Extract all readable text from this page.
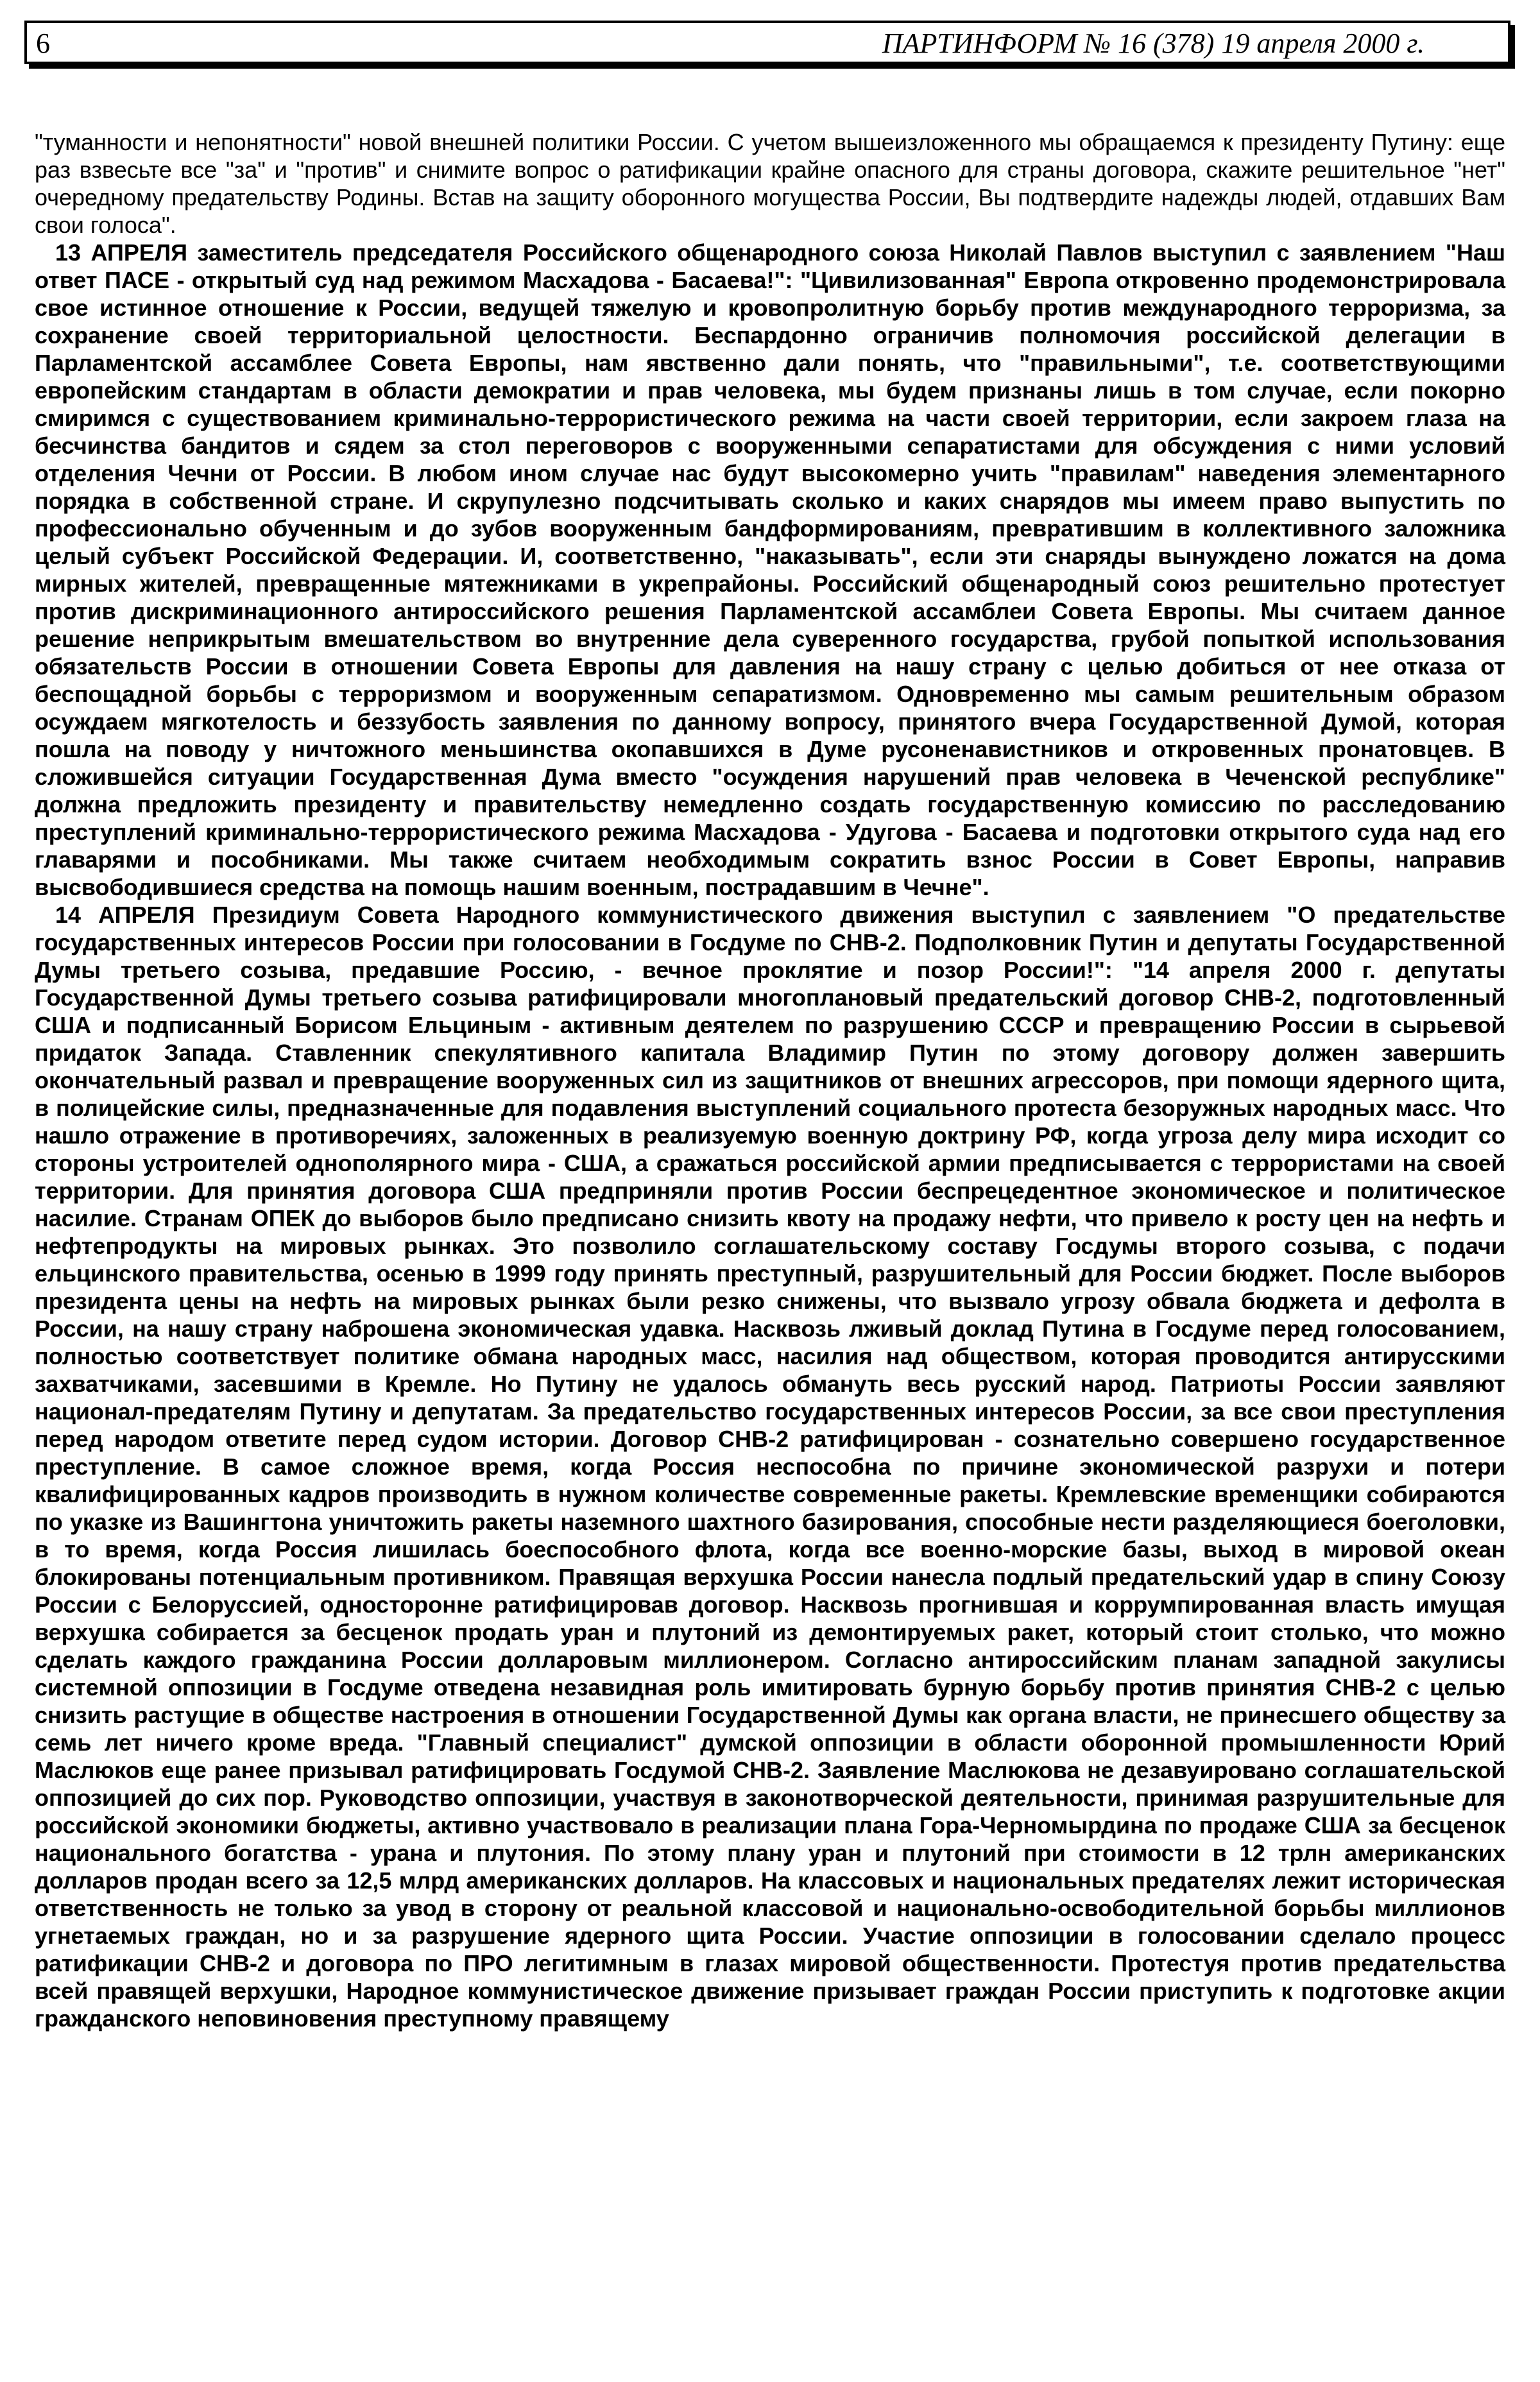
6	ПАРТИНФОРМ № 16 (378) 19 апреля 2000 г.

"туманности и непонятности" новой внешней политики России. С учетом вышеизложенного мы обращаемся к президенту Путину: еще раз взвесьте все "за" и "против" и снимите вопрос о ратификации крайне опасного для страны договора, скажите решительное "нет" очередному предательству Родины. Встав на защиту оборонного могущества России, Вы подтвердите надежды людей, отдавших Вам свои голоса".

13 АПРЕЛЯ заместитель председателя Российского общенародного союза Николай Павлов выступил с заявлением "Наш ответ ПАСЕ - открытый суд над режимом Масхадова - Басаева!": "Цивилизованная" Европа откровенно продемонстрировала свое истинное отношение к России, ведущей тяжелую и кровопролитную борьбу против международного терроризма, за сохранение своей территориальной целостности. Беспардонно ограничив полномочия российской делегации в Парламентской ассамблее Совета Европы, нам явственно дали понять, что "правильными", т.е. соответствующими европейским стандартам в области демократии и прав человека, мы будем признаны лишь в том случае, если покорно смиримся с существованием криминально-террористического режима на части своей территории, если закроем глаза на бесчинства бандитов и сядем за стол переговоров с вооруженными сепаратистами для обсуждения с ними условий отделения Чечни от России. В любом ином случае нас будут высокомерно учить "правилам" наведения элементарного порядка в собственной стране. И скрупулезно подсчитывать сколько и каких снарядов мы имеем право выпустить по профессионально обученным и до зубов вооруженным бандформированиям, превратившим в коллективного заложника целый субъект Российской Федерации. И, соответственно, "наказывать", если эти снаряды вынуждено ложатся на дома мирных жителей, превращенные мятежниками в укрепрайоны. Российский общенародный союз решительно протестует против дискриминационного антироссийского решения Парламентской ассамблеи Совета Европы. Мы считаем данное решение неприкрытым вмешательством во внутренние дела суверенного государства, грубой попыткой использования обязательств России в отношении Совета Европы для давления на нашу страну с целью добиться от нее отказа от беспощадной борьбы с терроризмом и вооруженным сепаратизмом. Одновременно мы самым решительным образом осуждаем мягкотелость и беззубость заявления по данному вопросу, принятого вчера Государственной Думой, которая пошла на поводу у ничтожного меньшинства окопавшихся в Думе русоненавистников и откровенных пронатовцев. В сложившейся ситуации Государственная Дума вместо "осуждения нарушений прав человека в Чеченской республике" должна предложить президенту и правительству немедленно создать государственную комиссию по расследованию преступлений криминально-террористического режима Масхадова - Удугова - Басаева и подготовки открытого суда над его главарями и пособниками. Мы также считаем необходимым сократить взнос России в Совет Европы, направив высвободившиеся средства на помощь нашим военным, пострадавшим в Чечне".

14 АПРЕЛЯ Президиум Совета Народного коммунистического движения выступил с заявлением "О предательстве государственных интересов России при голосовании в Госдуме по СНВ-2. Подполковник Путин и депутаты Государственной Думы третьего созыва, предавшие Россию, - вечное проклятие и позор России!": "14 апреля 2000 г. депутаты Государственной Думы третьего созыва ратифицировали многоплановый предательский договор СНВ-2, подготовленный США и подписанный Борисом Ельциным - активным деятелем по разрушению СССР и превращению России в сырьевой придаток Запада. Ставленник спекулятивного капитала Владимир Путин по этому договору должен завершить окончательный развал и превращение вооруженных сил из защитников от внешних агрессоров, при помощи ядерного щита, в полицейские силы, предназначенные для подавления выступлений социального протеста безоружных народных масс. Что нашло отражение в противоречиях, заложенных в реализуемую военную доктрину РФ, когда угроза делу мира исходит со стороны устроителей однополярного мира - США, а сражаться российской армии предписывается с террористами на своей территории. Для принятия договора США предприняли против России беспрецедентное экономическое и политическое насилие. Странам ОПЕК до выборов было предписано снизить квоту на продажу нефти, что привело к росту цен на нефть и нефтепродукты на мировых рынках. Это позволило соглашательскому составу Госдумы второго созыва, с подачи ельцинского правительства, осенью в 1999 году принять преступный, разрушительный для России бюджет. После выборов президента цены на нефть на мировых рынках были резко снижены, что вызвало угрозу обвала бюджета и дефолта в России, на нашу страну наброшена экономическая удавка. Насквозь лживый доклад Путина в Госдуме перед голосованием, полностью соответствует политике обмана народных масс, насилия над обществом, которая проводится антирусскими захватчиками, засевшими в Кремле. Но Путину не удалось обмануть весь русский народ. Патриоты России заявляют национал-предателям Путину и депутатам. За предательство государственных интересов России, за все свои преступления перед народом ответите перед судом истории. Договор СНВ-2 ратифицирован - сознательно совершено государственное преступление. В самое сложное время, когда Россия неспособна по причине экономической разрухи и потери квалифицированных кадров производить в нужном количестве современные ракеты. Кремлевские временщики собираются по указке из Вашингтона уничтожить ракеты наземного шахтного базирования, способные нести разделяющиеся боеголовки, в то время, когда Россия лишилась боеспособного флота, когда все военно-морские базы, выход в мировой океан блокированы потенциальным противником. Правящая верхушка России нанесла подлый предательский удар в спину Союзу России с Белоруссией, односторонне ратифицировав договор. Насквозь прогнившая и коррумпированная власть имущая верхушка собирается за бесценок продать уран и плутоний из демонтируемых ракет, который стоит столько, что можно сделать каждого гражданина России долларовым миллионером. Согласно антироссийским планам западной закулисы системной оппозиции в Госдуме отведена незавидная роль имитировать бурную борьбу против принятия СНВ-2 с целью снизить растущие в обществе настроения в отношении Государственной Думы как органа власти, не принесшего обществу за семь лет ничего кроме вреда. "Главный специалист" думской оппозиции в области оборонной промышленности Юрий Маслюков еще ранее призывал ратифицировать Госдумой СНВ-2. Заявление Маслюкова не дезавуировано соглашательской оппозицией до сих пор. Руководство оппозиции, участвуя в законотворческой деятельности, принимая разрушительные для российской экономики бюджеты, активно участвовало в реализации плана Гора-Черномырдина по продаже США за бесценок национального богатства - урана и плутония. По этому плану уран и плутоний при стоимости в 12 трлн американских долларов продан всего за 12,5 млрд американских долларов. На классовых и национальных предателях лежит историческая ответственность не только за увод в сторону от реальной классовой и национально-освободительной борьбы миллионов угнетаемых граждан, но и за разрушение ядерного щита России. Участие оппозиции в голосовании сделало процесс ратификации СНВ-2 и договора по ПРО легитимным в глазах мировой общественности. Протестуя против предательства всей правящей верхушки, Народное коммунистическое движение призывает граждан России приступить к подготовке акции гражданского неповиновения преступному правящему
